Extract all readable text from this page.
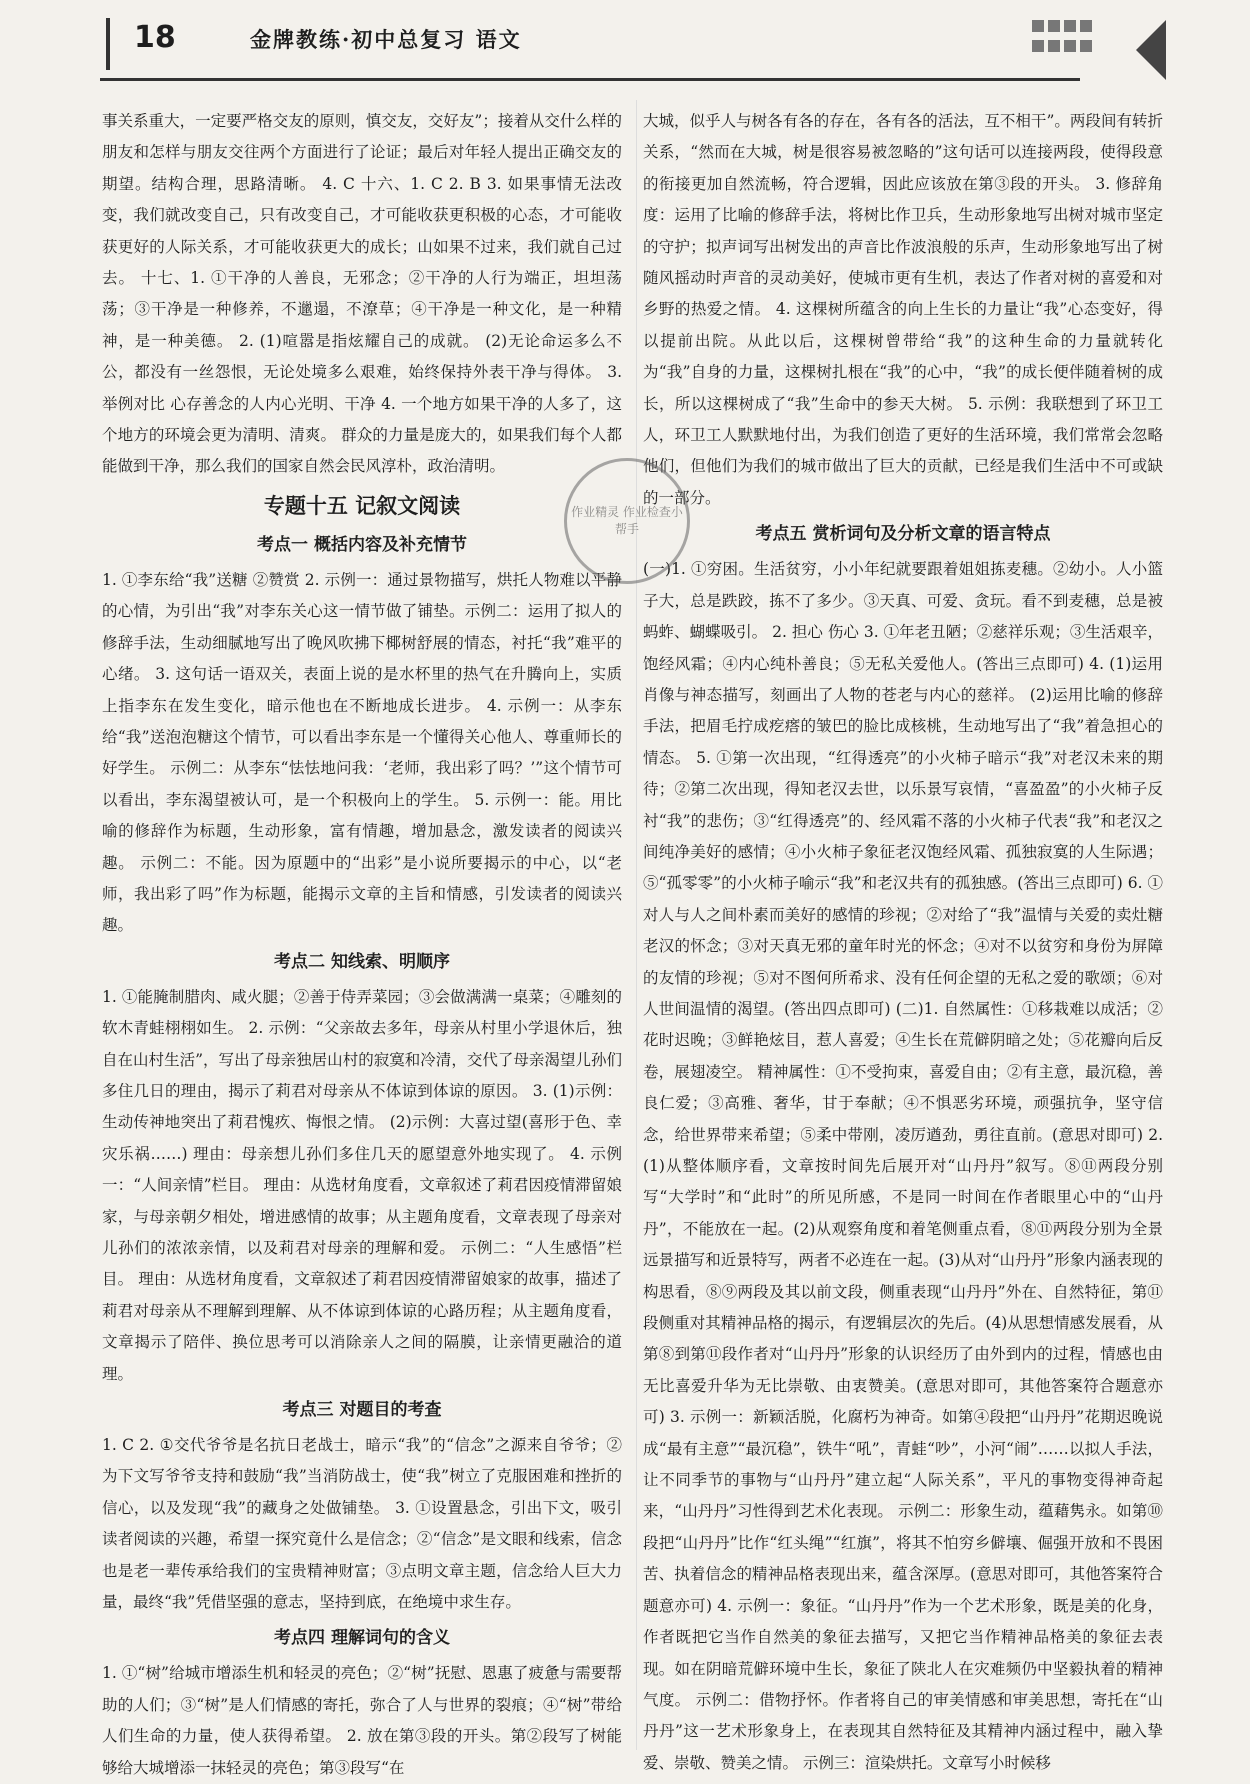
18	金牌教练·初中总复习 语文

事关系重大，一定要严格交友的原则，慎交友，交好友”；接着从交什么样的朋友和怎样与朋友交往两个方面进行了论证；最后对年轻人提出正确交友的期望。结构合理，思路清晰。 4. C 十六、1. C 2. B 3. 如果事情无法改变，我们就改变自己，只有改变自己，才可能收获更积极的心态，才可能收获更好的人际关系，才可能收获更大的成长；山如果不过来，我们就自己过去。 十七、1. ①干净的人善良，无邪念；②干净的人行为端正，坦坦荡荡；③干净是一种修养，不邋遢，不潦草；④干净是一种文化，是一种精神，是一种美德。 2. (1)喧嚣是指炫耀自己的成就。 (2)无论命运多么不公，都没有一丝怨恨，无论处境多么艰难，始终保持外表干净与得体。 3. 举例对比 心存善念的人内心光明、干净 4. 一个地方如果干净的人多了，这个地方的环境会更为清明、清爽。 群众的力量是庞大的，如果我们每个人都能做到干净，那么我们的国家自然会民风淳朴，政治清明。

专题十五 记叙文阅读
考点一 概括内容及补充情节

1. ①李东给“我”送糖 ②赞赏 2. 示例一：通过景物描写，烘托人物难以平静的心情，为引出“我”对李东关心这一情节做了铺垫。示例二：运用了拟人的修辞手法，生动细腻地写出了晚风吹拂下椰树舒展的情态，衬托“我”难平的心绪。 3. 这句话一语双关，表面上说的是水杯里的热气在升腾向上，实质上指李东在发生变化，暗示他也在不断地成长进步。 4. 示例一：从李东给“我”送泡泡糖这个情节，可以看出李东是一个懂得关心他人、尊重师长的好学生。 示例二：从李东“怯怯地问我：‘老师，我出彩了吗？’”这个情节可以看出，李东渴望被认可，是一个积极向上的学生。 5. 示例一：能。用比喻的修辞作为标题，生动形象，富有情趣，增加悬念，激发读者的阅读兴趣。 示例二：不能。因为原题中的“出彩”是小说所要揭示的中心，以“老师，我出彩了吗”作为标题，能揭示文章的主旨和情感，引发读者的阅读兴趣。

考点二 知线索、明顺序

1. ①能腌制腊肉、咸火腿；②善于侍弄菜园；③会做满满一桌菜；④雕刻的软木青蛙栩栩如生。 2. 示例：“父亲故去多年，母亲从村里小学退休后，独自在山村生活”，写出了母亲独居山村的寂寞和冷清，交代了母亲渴望儿孙们多住几日的理由，揭示了莉君对母亲从不体谅到体谅的原因。 3. (1)示例：生动传神地突出了莉君愧疚、悔恨之情。 (2)示例：大喜过望(喜形于色、幸灾乐祸……) 理由：母亲想儿孙们多住几天的愿望意外地实现了。 4. 示例一：“人间亲情”栏目。 理由：从选材角度看，文章叙述了莉君因疫情滞留娘家，与母亲朝夕相处，增进感情的故事；从主题角度看，文章表现了母亲对儿孙们的浓浓亲情，以及莉君对母亲的理解和爱。 示例二：“人生感悟”栏目。 理由：从选材角度看，文章叙述了莉君因疫情滞留娘家的故事，描述了莉君对母亲从不理解到理解、从不体谅到体谅的心路历程；从主题角度看，文章揭示了陪伴、换位思考可以消除亲人之间的隔膜，让亲情更融洽的道理。

考点三 对题目的考查

1. C 2. ①交代爷爷是名抗日老战士，暗示“我”的“信念”之源来自爷爷；②为下文写爷爷支持和鼓励“我”当消防战士，使“我”树立了克服困难和挫折的信心，以及发现“我”的藏身之处做铺垫。 3. ①设置悬念，引出下文，吸引读者阅读的兴趣，希望一探究竟什么是信念；②“信念”是文眼和线索，信念也是老一辈传承给我们的宝贵精神财富；③点明文章主题，信念给人巨大力量，最终“我”凭借坚强的意志，坚持到底，在绝境中求生存。

考点四 理解词句的含义

1. ①“树”给城市增添生机和轻灵的亮色；②“树”抚慰、恩惠了疲惫与需要帮助的人们；③“树”是人们情感的寄托，弥合了人与世界的裂痕；④“树”带给人们生命的力量，使人获得希望。 2. 放在第③段的开头。第②段写了树能够给大城增添一抹轻灵的亮色；第③段写“在

大城，似乎人与树各有各的存在，各有各的活法，互不相干”。两段间有转折关系，“然而在大城，树是很容易被忽略的”这句话可以连接两段，使得段意的衔接更加自然流畅，符合逻辑，因此应该放在第③段的开头。 3. 修辞角度：运用了比喻的修辞手法，将树比作卫兵，生动形象地写出树对城市坚定的守护；拟声词写出树发出的声音比作波浪般的乐声，生动形象地写出了树随风摇动时声音的灵动美好，使城市更有生机，表达了作者对树的喜爱和对乡野的热爱之情。 4. 这棵树所蕴含的向上生长的力量让“我”心态变好，得以提前出院。从此以后，这棵树曾带给“我”的这种生命的力量就转化为“我”自身的力量，这棵树扎根在“我”的心中，“我”的成长便伴随着树的成长，所以这棵树成了“我”生命中的参天大树。 5. 示例：我联想到了环卫工人，环卫工人默默地付出，为我们创造了更好的生活环境，我们常常会忽略他们，但他们为我们的城市做出了巨大的贡献，已经是我们生活中不可或缺的一部分。

考点五 赏析词句及分析文章的语言特点

(一)1. ①穷困。生活贫穷，小小年纪就要跟着姐姐拣麦穗。②幼小。人小篮子大，总是跌跤，拣不了多少。③天真、可爱、贪玩。看不到麦穗，总是被蚂蚱、蝴蝶吸引。 2. 担心 伤心 3. ①年老丑陋；②慈祥乐观；③生活艰辛，饱经风霜；④内心纯朴善良；⑤无私关爱他人。(答出三点即可) 4. (1)运用肖像与神态描写，刻画出了人物的苍老与内心的慈祥。 (2)运用比喻的修辞手法，把眉毛拧成疙瘩的皱巴的脸比成核桃，生动地写出了“我”着急担心的情态。 5. ①第一次出现，“红得透亮”的小火柿子暗示“我”对老汉未来的期待；②第二次出现，得知老汉去世，以乐景写哀情，“喜盈盈”的小火柿子反衬“我”的悲伤；③“红得透亮”的、经风霜不落的小火柿子代表“我”和老汉之间纯净美好的感情；④小火柿子象征老汉饱经风霜、孤独寂寞的人生际遇；⑤“孤零零”的小火柿子喻示“我”和老汉共有的孤独感。(答出三点即可) 6. ①对人与人之间朴素而美好的感情的珍视；②对给了“我”温情与关爱的卖灶糖老汉的怀念；③对天真无邪的童年时光的怀念；④对不以贫穷和身份为屏障的友情的珍视；⑤对不图何所希求、没有任何企望的无私之爱的歌颂；⑥对人世间温情的渴望。(答出四点即可) (二)1. 自然属性：①移栽难以成活；②花时迟晚；③鲜艳炫目，惹人喜爱；④生长在荒僻阴暗之处；⑤花瓣向后反卷，展翅凌空。 精神属性：①不受拘束，喜爱自由；②有主意，最沉稳，善良仁爱；③高雅、奢华，甘于奉献；④不惧恶劣环境，顽强抗争，坚守信念，给世界带来希望；⑤柔中带刚，凌厉遒劲，勇往直前。(意思对即可) 2. (1)从整体顺序看，文章按时间先后展开对“山丹丹”叙写。⑧⑪两段分别写“大学时”和“此时”的所见所感，不是同一时间在作者眼里心中的“山丹丹”，不能放在一起。(2)从观察角度和着笔侧重点看，⑧⑪两段分别为全景远景描写和近景特写，两者不必连在一起。(3)从对“山丹丹”形象内涵表现的构思看，⑧⑨两段及其以前文段，侧重表现“山丹丹”外在、自然特征，第⑪段侧重对其精神品格的揭示，有逻辑层次的先后。(4)从思想情感发展看，从第⑧到第⑪段作者对“山丹丹”形象的认识经历了由外到内的过程，情感也由无比喜爱升华为无比崇敬、由衷赞美。(意思对即可，其他答案符合题意亦可) 3. 示例一：新颖活脱，化腐朽为神奇。如第④段把“山丹丹”花期迟晚说成“最有主意”“最沉稳”，铁牛“吼”，青蛙“吵”，小河“闹”……以拟人手法，让不同季节的事物与“山丹丹”建立起“人际关系”，平凡的事物变得神奇起来，“山丹丹”习性得到艺术化表现。 示例二：形象生动，蕴藉隽永。如第⑩段把“山丹丹”比作“红头绳”“红旗”，将其不怕穷乡僻壤、倔强开放和不畏困苦、执着信念的精神品格表现出来，蕴含深厚。(意思对即可，其他答案符合题意亦可) 4. 示例一：象征。“山丹丹”作为一个艺术形象，既是美的化身，作者既把它当作自然美的象征去描写，又把它当作精神品格美的象征去表现。如在阴暗荒僻环境中生长，象征了陕北人在灾难频仍中坚毅执着的精神气度。 示例二：借物抒怀。作者将自己的审美情感和审美思想，寄托在“山丹丹”这一艺术形象身上，在表现其自然特征及其精神内涵过程中，融入挚爱、崇敬、赞美之情。 示例三：渲染烘托。文章写小时候移

作业精灵 作业检查小帮手
